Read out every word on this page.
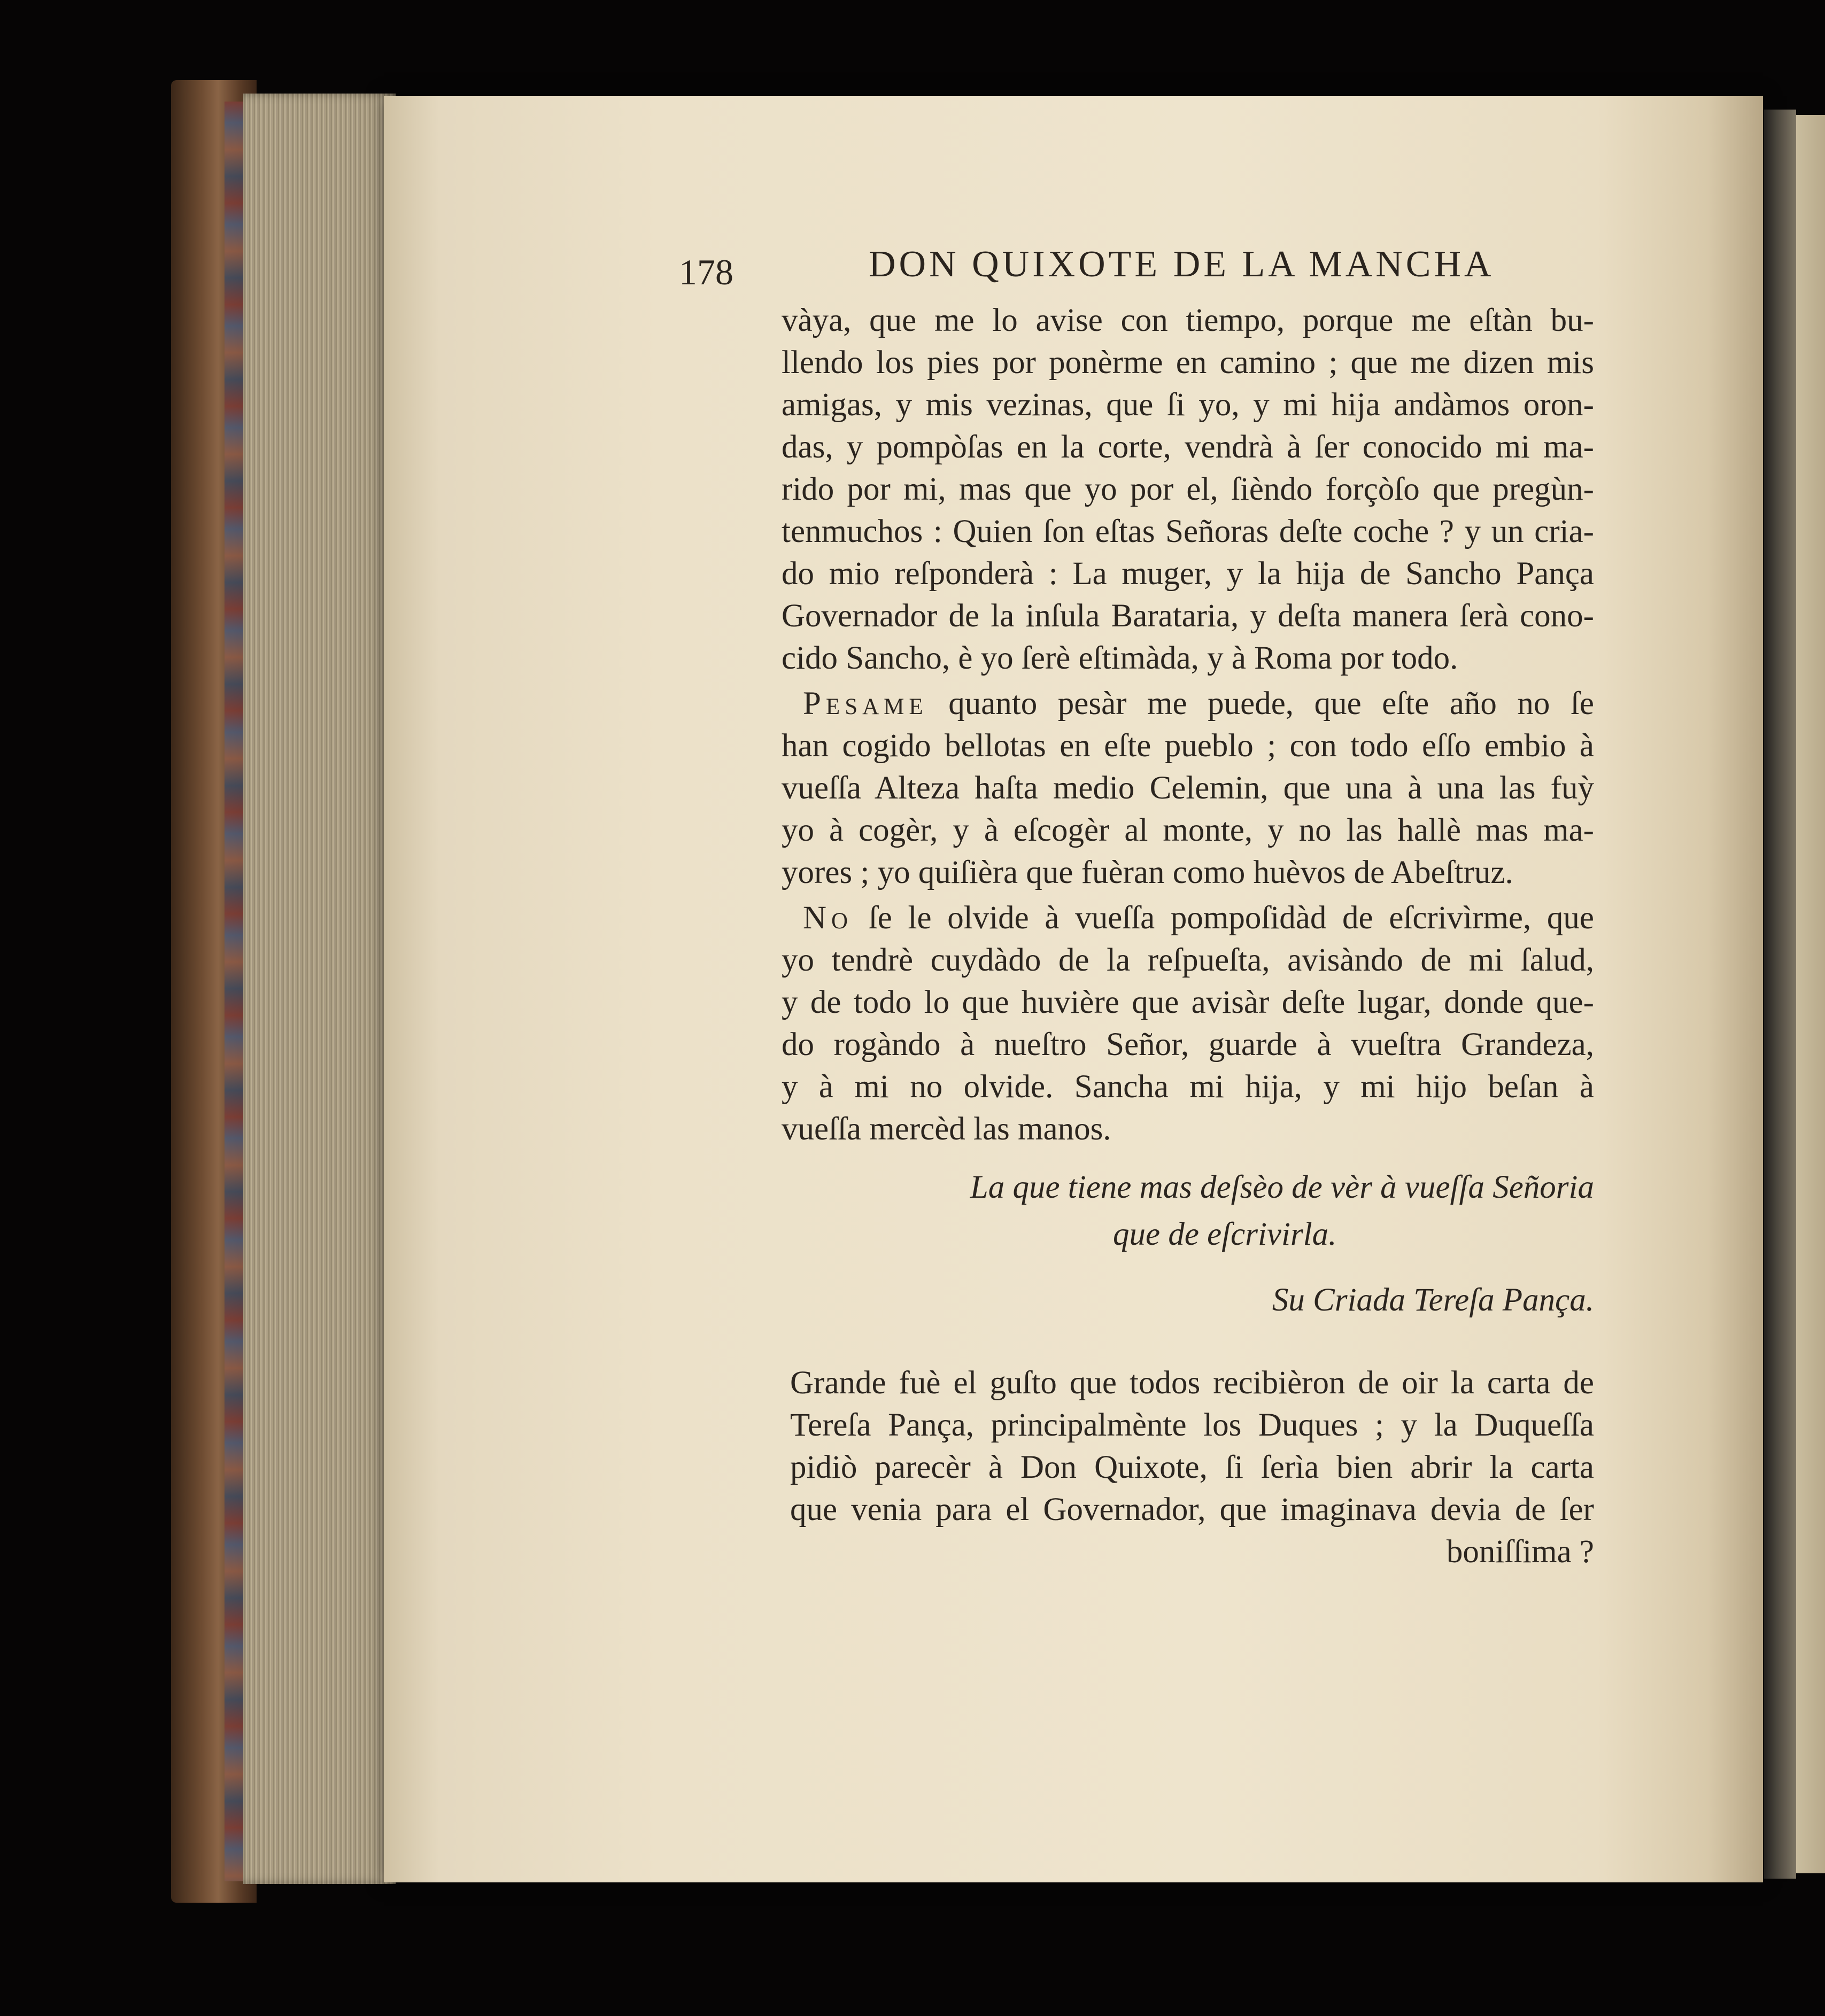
178	DON QUIXOTE DE LA MANCHA
vàya, que me lo avise con tiempo, porque me eſtàn bu-
llendo los pies por ponèrme en camino ; que me dizen mis
amigas, y mis vezinas, que ſi yo, y mi hija andàmos oron-
das, y pompòſas en la corte, vendrà à ſer conocido mi ma-
rido por mi, mas que yo por el, ſièndo forçòſo que pregùn-
tenmuchos : Quien ſon eſtas Señoras deſte coche ? y un cria-
do mio reſponderà : La muger, y la hija de Sancho Pança
Governador de la inſula Barataria, y deſta manera ſerà cono-
cido Sancho, è yo ſerè eſtimàda, y à Roma por todo.
Pesame quanto pesàr me puede, que eſte año no ſe
han cogido bellotas en eſte pueblo ; con todo eſſo embio à
vueſſa Alteza haſta medio Celemin, que una à una las fuỳ
yo à cogèr, y à eſcogèr al monte, y no las hallè mas ma-
yores ; yo quiſièra que fuèran como huèvos de Abeſtruz.
No ſe le olvide à vueſſa pompoſidàd de eſcrivìrme, que
yo tendrè cuydàdo de la reſpueſta, avisàndo de mi ſalud,
y de todo lo que huvière que avisàr deſte lugar, donde que-
do rogàndo à nueſtro Señor, guarde à vueſtra Grandeza,
y à mi no olvide. Sancha mi hija, y mi hijo beſan à
vueſſa mercèd las manos.
La que tiene mas deſsèo de vèr à vueſſa Señoria
que de eſcrivirla.
Su Criada Tereſa Pança.
Grande fuè el guſto que todos recibièron de oir la carta de
Tereſa Pança, principalmènte los Duques ; y la Duqueſſa
pidiò parecèr à Don Quixote, ſi ſerìa bien abrir la carta
que venia para el Governador, que imaginava devia de ſer
boniſſima ?
